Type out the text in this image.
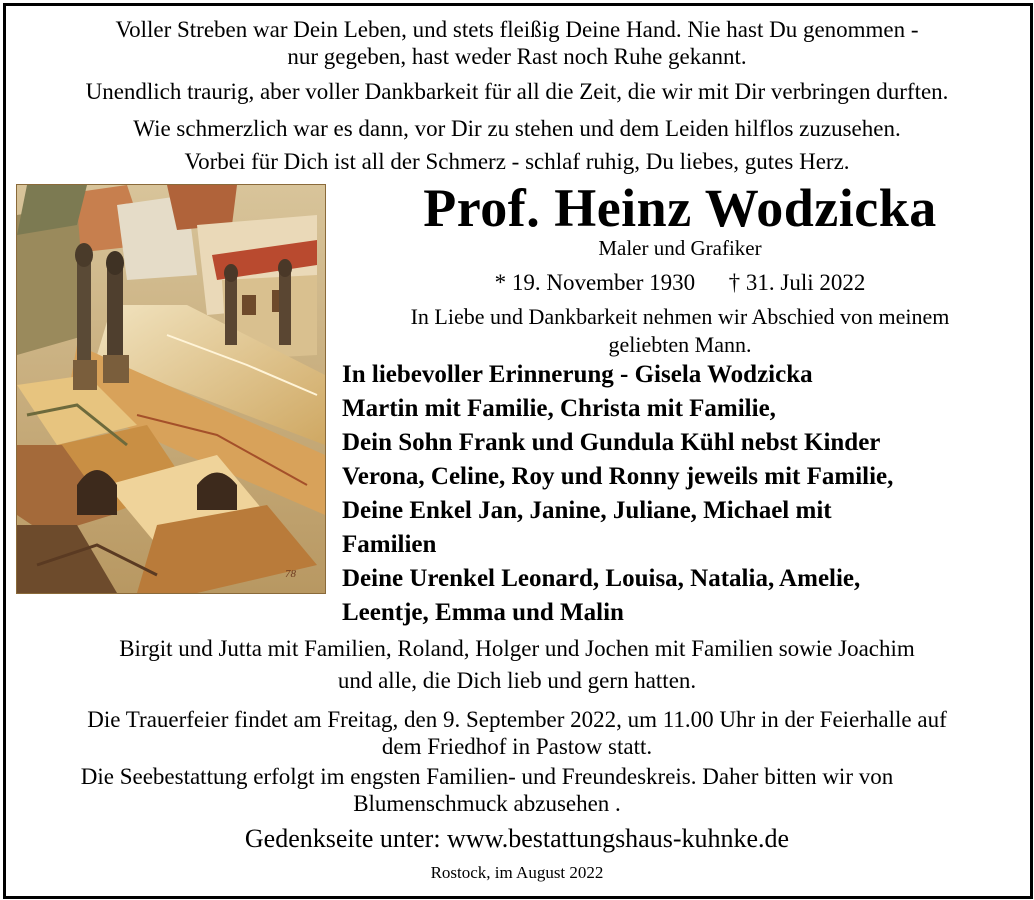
Voller Streben war Dein Leben, und stets fleißig Deine Hand. Nie hast Du genommen -
nur gegeben, hast weder Rast noch Ruhe gekannt.
Unendlich traurig, aber voller Dankbarkeit für all die Zeit, die wir mit Dir verbringen durften.
Wie schmerzlich war es dann, vor Dir zu stehen und dem Leiden hilflos zuzusehen.
Vorbei für Dich ist all der Schmerz - schlaf ruhig, Du liebes, gutes Herz.
78
Prof. Heinz Wodzicka
Maler und Grafiker
* 19. November 1930 † 31. Juli 2022
In Liebe und Dankbarkeit nehmen wir Abschied von meinem
geliebten Mann.
In liebevoller Erinnerung - Gisela Wodzicka
Martin mit Familie, Christa mit Familie,
Dein Sohn Frank und Gundula Kühl nebst Kinder
Verona, Celine, Roy und Ronny jeweils mit Familie,
Deine Enkel Jan, Janine, Juliane, Michael mit
Familien
Deine Urenkel Leonard, Louisa, Natalia, Amelie,
Leentje, Emma und Malin
Birgit und Jutta mit Familien, Roland, Holger und Jochen mit Familien sowie Joachim
und alle, die Dich lieb und gern hatten.
Die Trauerfeier findet am Freitag, den 9. September 2022, um 11.00 Uhr in der Feierhalle auf
dem Friedhof in Pastow statt.
Die Seebestattung erfolgt im engsten Familien- und Freundeskreis. Daher bitten wir von
Blumenschmuck abzusehen .
Gedenkseite unter: www.bestattungshaus-kuhnke.de
Rostock, im August 2022
